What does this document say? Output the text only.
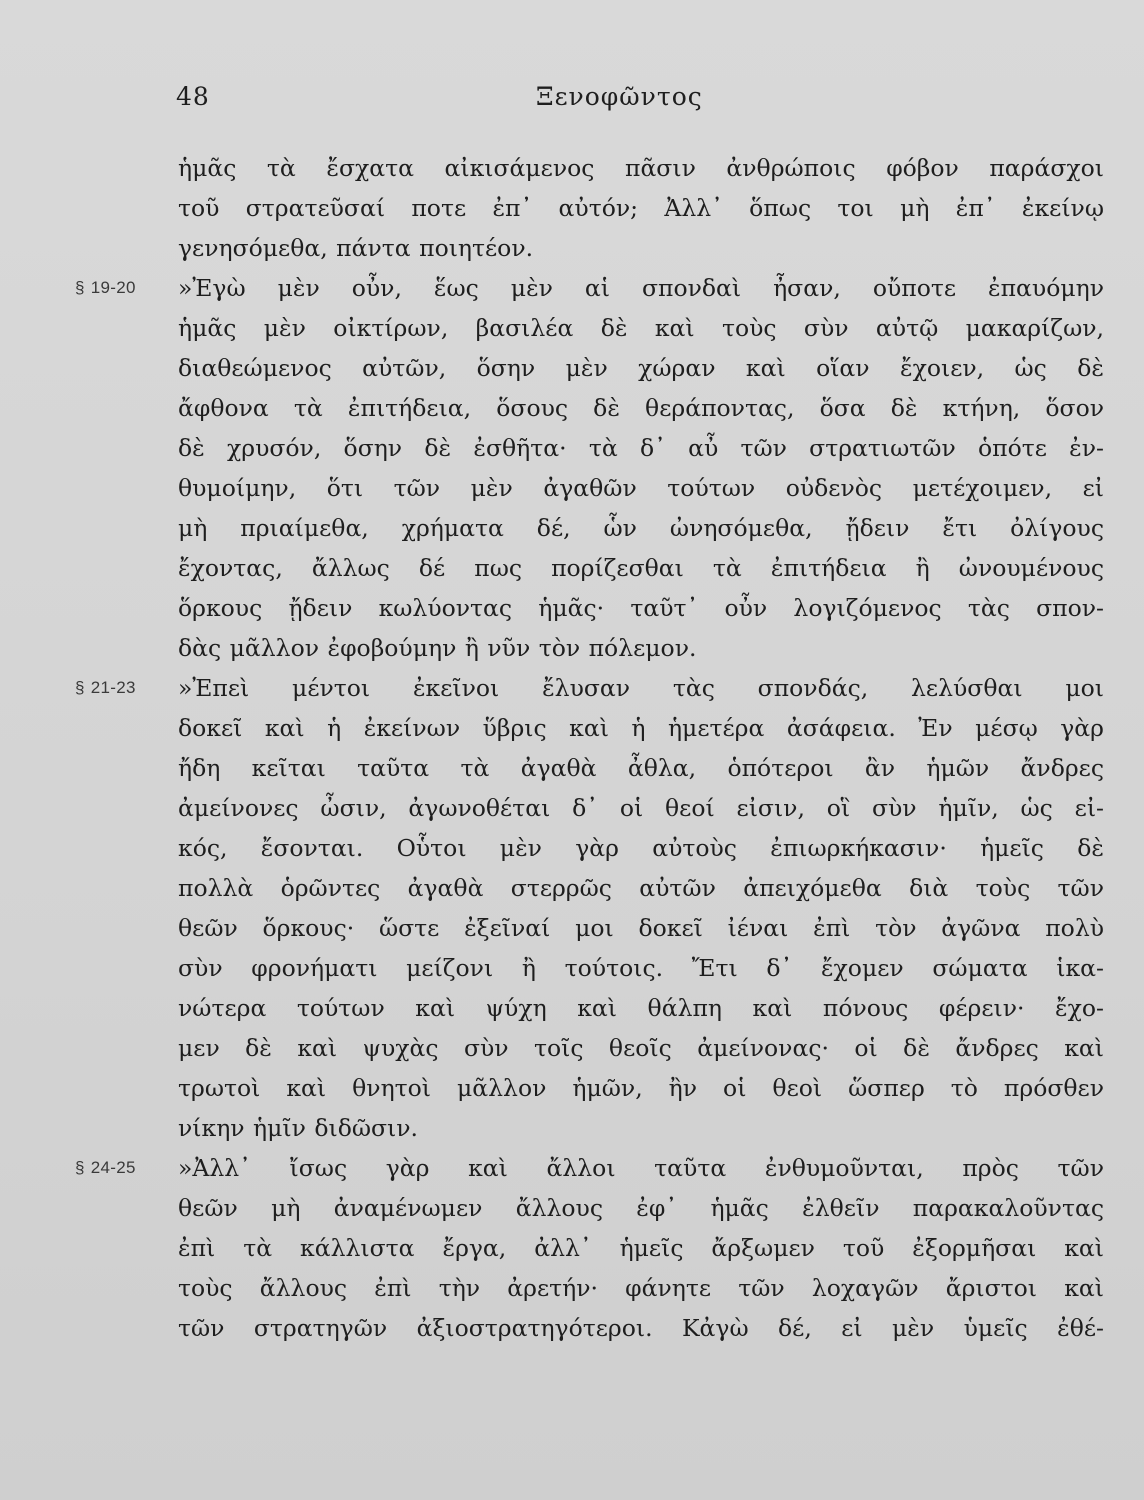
48	Ξενοφῶντος
ἡμᾶς τὰ ἔσχατα αἰκισάμενος πᾶσιν ἀνθρώποις φόβον παράσχοι
τοῦ στρατεῦσαί ποτε ἐπ᾽ αὐτόν; Ἀλλ᾽ ὅπως τοι μὴ ἐπ᾽ ἐκείνῳ
γενησόμεθα, πάντα ποιητέον.
»Ἐγὼ μὲν οὖν, ἕως μὲν αἱ σπονδαὶ ἦσαν, οὔποτε ἐπαυόμην
§ 19-20
ἡμᾶς μὲν οἰκτίρων, βασιλέα δὲ καὶ τοὺς σὺν αὐτῷ μακαρίζων,
διαθεώμενος αὐτῶν, ὅσην μὲν χώραν καὶ οἵαν ἔχοιεν, ὡς δὲ
ἄφθονα τὰ ἐπιτήδεια, ὅσους δὲ θεράποντας, ὅσα δὲ κτήνη, ὅσον
δὲ χρυσόν, ὅσην δὲ ἐσθῆτα· τὰ δ᾽ αὖ τῶν στρατιωτῶν ὁπότε ἐν-
θυμοίμην, ὅτι τῶν μὲν ἀγαθῶν τούτων οὐδενὸς μετέχοιμεν, εἰ
μὴ πριαίμεθα, χρήματα δέ, ὧν ὠνησόμεθα, ᾔδειν ἔτι ὀλίγους
ἔχοντας, ἄλλως δέ πως πορίζεσθαι τὰ ἐπιτήδεια ἢ ὠνουμένους
ὅρκους ᾔδειν κωλύοντας ἡμᾶς· ταῦτ᾽ οὖν λογιζόμενος τὰς σπον-
δὰς μᾶλλον ἐφοβούμην ἢ νῦν τὸν πόλεμον.
»Ἐπεὶ μέντοι ἐκεῖνοι ἔλυσαν τὰς σπονδάς, λελύσθαι μοι
§ 21-23
δοκεῖ καὶ ἡ ἐκείνων ὕβρις καὶ ἡ ἡμετέρα ἀσάφεια. Ἐν μέσῳ γὰρ
ἤδη κεῖται ταῦτα τὰ ἀγαθὰ ἆθλα, ὁπότεροι ἂν ἡμῶν ἄνδρες
ἀμείνονες ὦσιν, ἀγωνοθέται δ᾽ οἱ θεοί εἰσιν, οἳ σὺν ἡμῖν, ὡς εἰ-
κός, ἔσονται. Οὗτοι μὲν γὰρ αὐτοὺς ἐπιωρκήκασιν· ἡμεῖς δὲ
πολλὰ ὁρῶντες ἀγαθὰ στερρῶς αὐτῶν ἀπειχόμεθα διὰ τοὺς τῶν
θεῶν ὅρκους· ὥστε ἐξεῖναί μοι δοκεῖ ἰέναι ἐπὶ τὸν ἀγῶνα πολὺ
σὺν φρονήματι μείζονι ἢ τούτοις. Ἔτι δ᾽ ἔχομεν σώματα ἱκα-
νώτερα τούτων καὶ ψύχη καὶ θάλπη καὶ πόνους φέρειν· ἔχο-
μεν δὲ καὶ ψυχὰς σὺν τοῖς θεοῖς ἀμείνονας· οἱ δὲ ἄνδρες καὶ
τρωτοὶ καὶ θνητοὶ μᾶλλον ἡμῶν, ἢν οἱ θεοὶ ὥσπερ τὸ πρόσθεν
νίκην ἡμῖν διδῶσιν.
»Ἀλλ᾽ ἴσως γὰρ καὶ ἄλλοι ταῦτα ἐνθυμοῦνται, πρὸς τῶν
§ 24-25
θεῶν μὴ ἀναμένωμεν ἄλλους ἐφ᾽ ἡμᾶς ἐλθεῖν παρακαλοῦντας
ἐπὶ τὰ κάλλιστα ἔργα, ἀλλ᾽ ἡμεῖς ἄρξωμεν τοῦ ἐξορμῆσαι καὶ
τοὺς ἄλλους ἐπὶ τὴν ἀρετήν· φάνητε τῶν λοχαγῶν ἄριστοι καὶ
τῶν στρατηγῶν ἀξιοστρατηγότεροι. Κἀγὼ δέ, εἰ μὲν ὑμεῖς ἐθέ-
